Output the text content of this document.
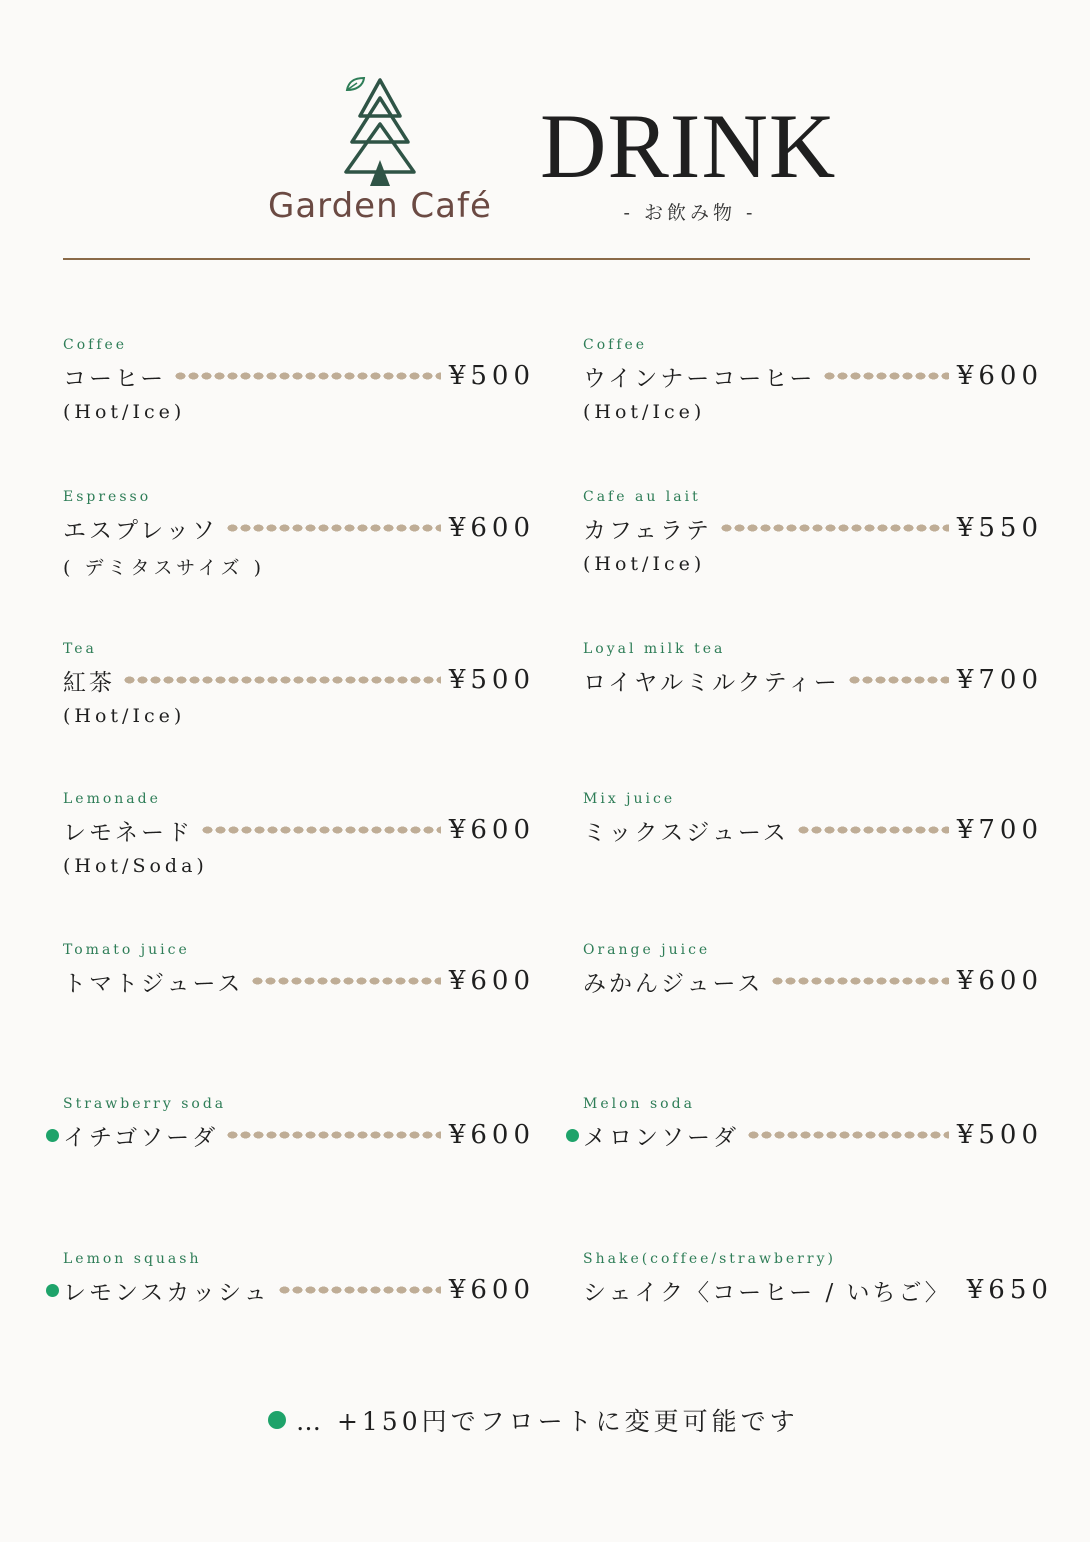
Garden Café
DRINK
- お飲み物 -
Coffee
コーヒー	¥500
(Hot/Ice)
Espresso
エスプレッソ	¥600
( デミタスサイズ )
Tea
紅茶	¥500
(Hot/Ice)
Lemonade
レモネード	¥600
(Hot/Soda)
Tomato juice
トマトジュース	¥600
Strawberry soda
イチゴソーダ	¥600
Lemon squash
レモンスカッシュ	¥600
Coffee
ウインナーコーヒー	¥600
(Hot/Ice)
Cafe au lait
カフェラテ	¥550
(Hot/Ice)
Loyal milk tea
ロイヤルミルクティー	¥700
Mix juice
ミックスジュース	¥700
Orange juice
みかんジュース	¥600
Melon soda
メロンソーダ	¥500
Shake(coffee/strawberry)
シェイク〈コーヒー / いちご〉 ¥650
… +150円でフロートに変更可能です
